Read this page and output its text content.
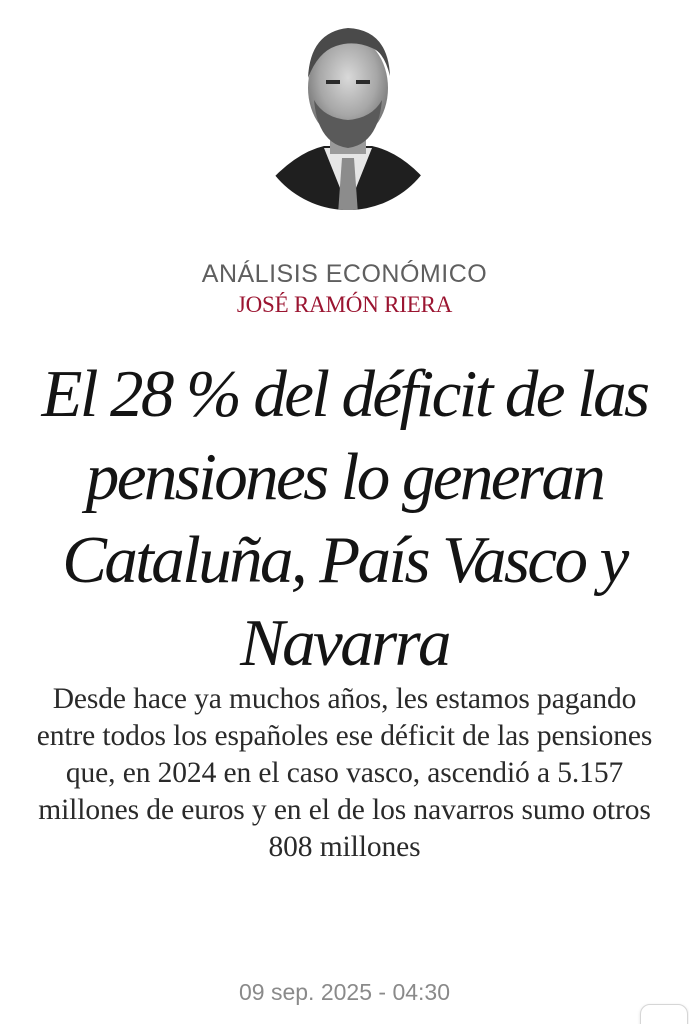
ANÁLISIS ECONÓMICO
JOSÉ RAMÓN RIERA
El 28 % del déficit de las pensiones lo generan Cataluña, País Vasco y Navarra

Desde hace ya muchos años, les estamos pagando entre todos los españoles ese déficit de las pensiones que, en 2024 en el caso vasco, ascendió a 5.157 millones de euros y en el de los navarros sumo otros 808 millones

09 sep. 2025 - 04:30
